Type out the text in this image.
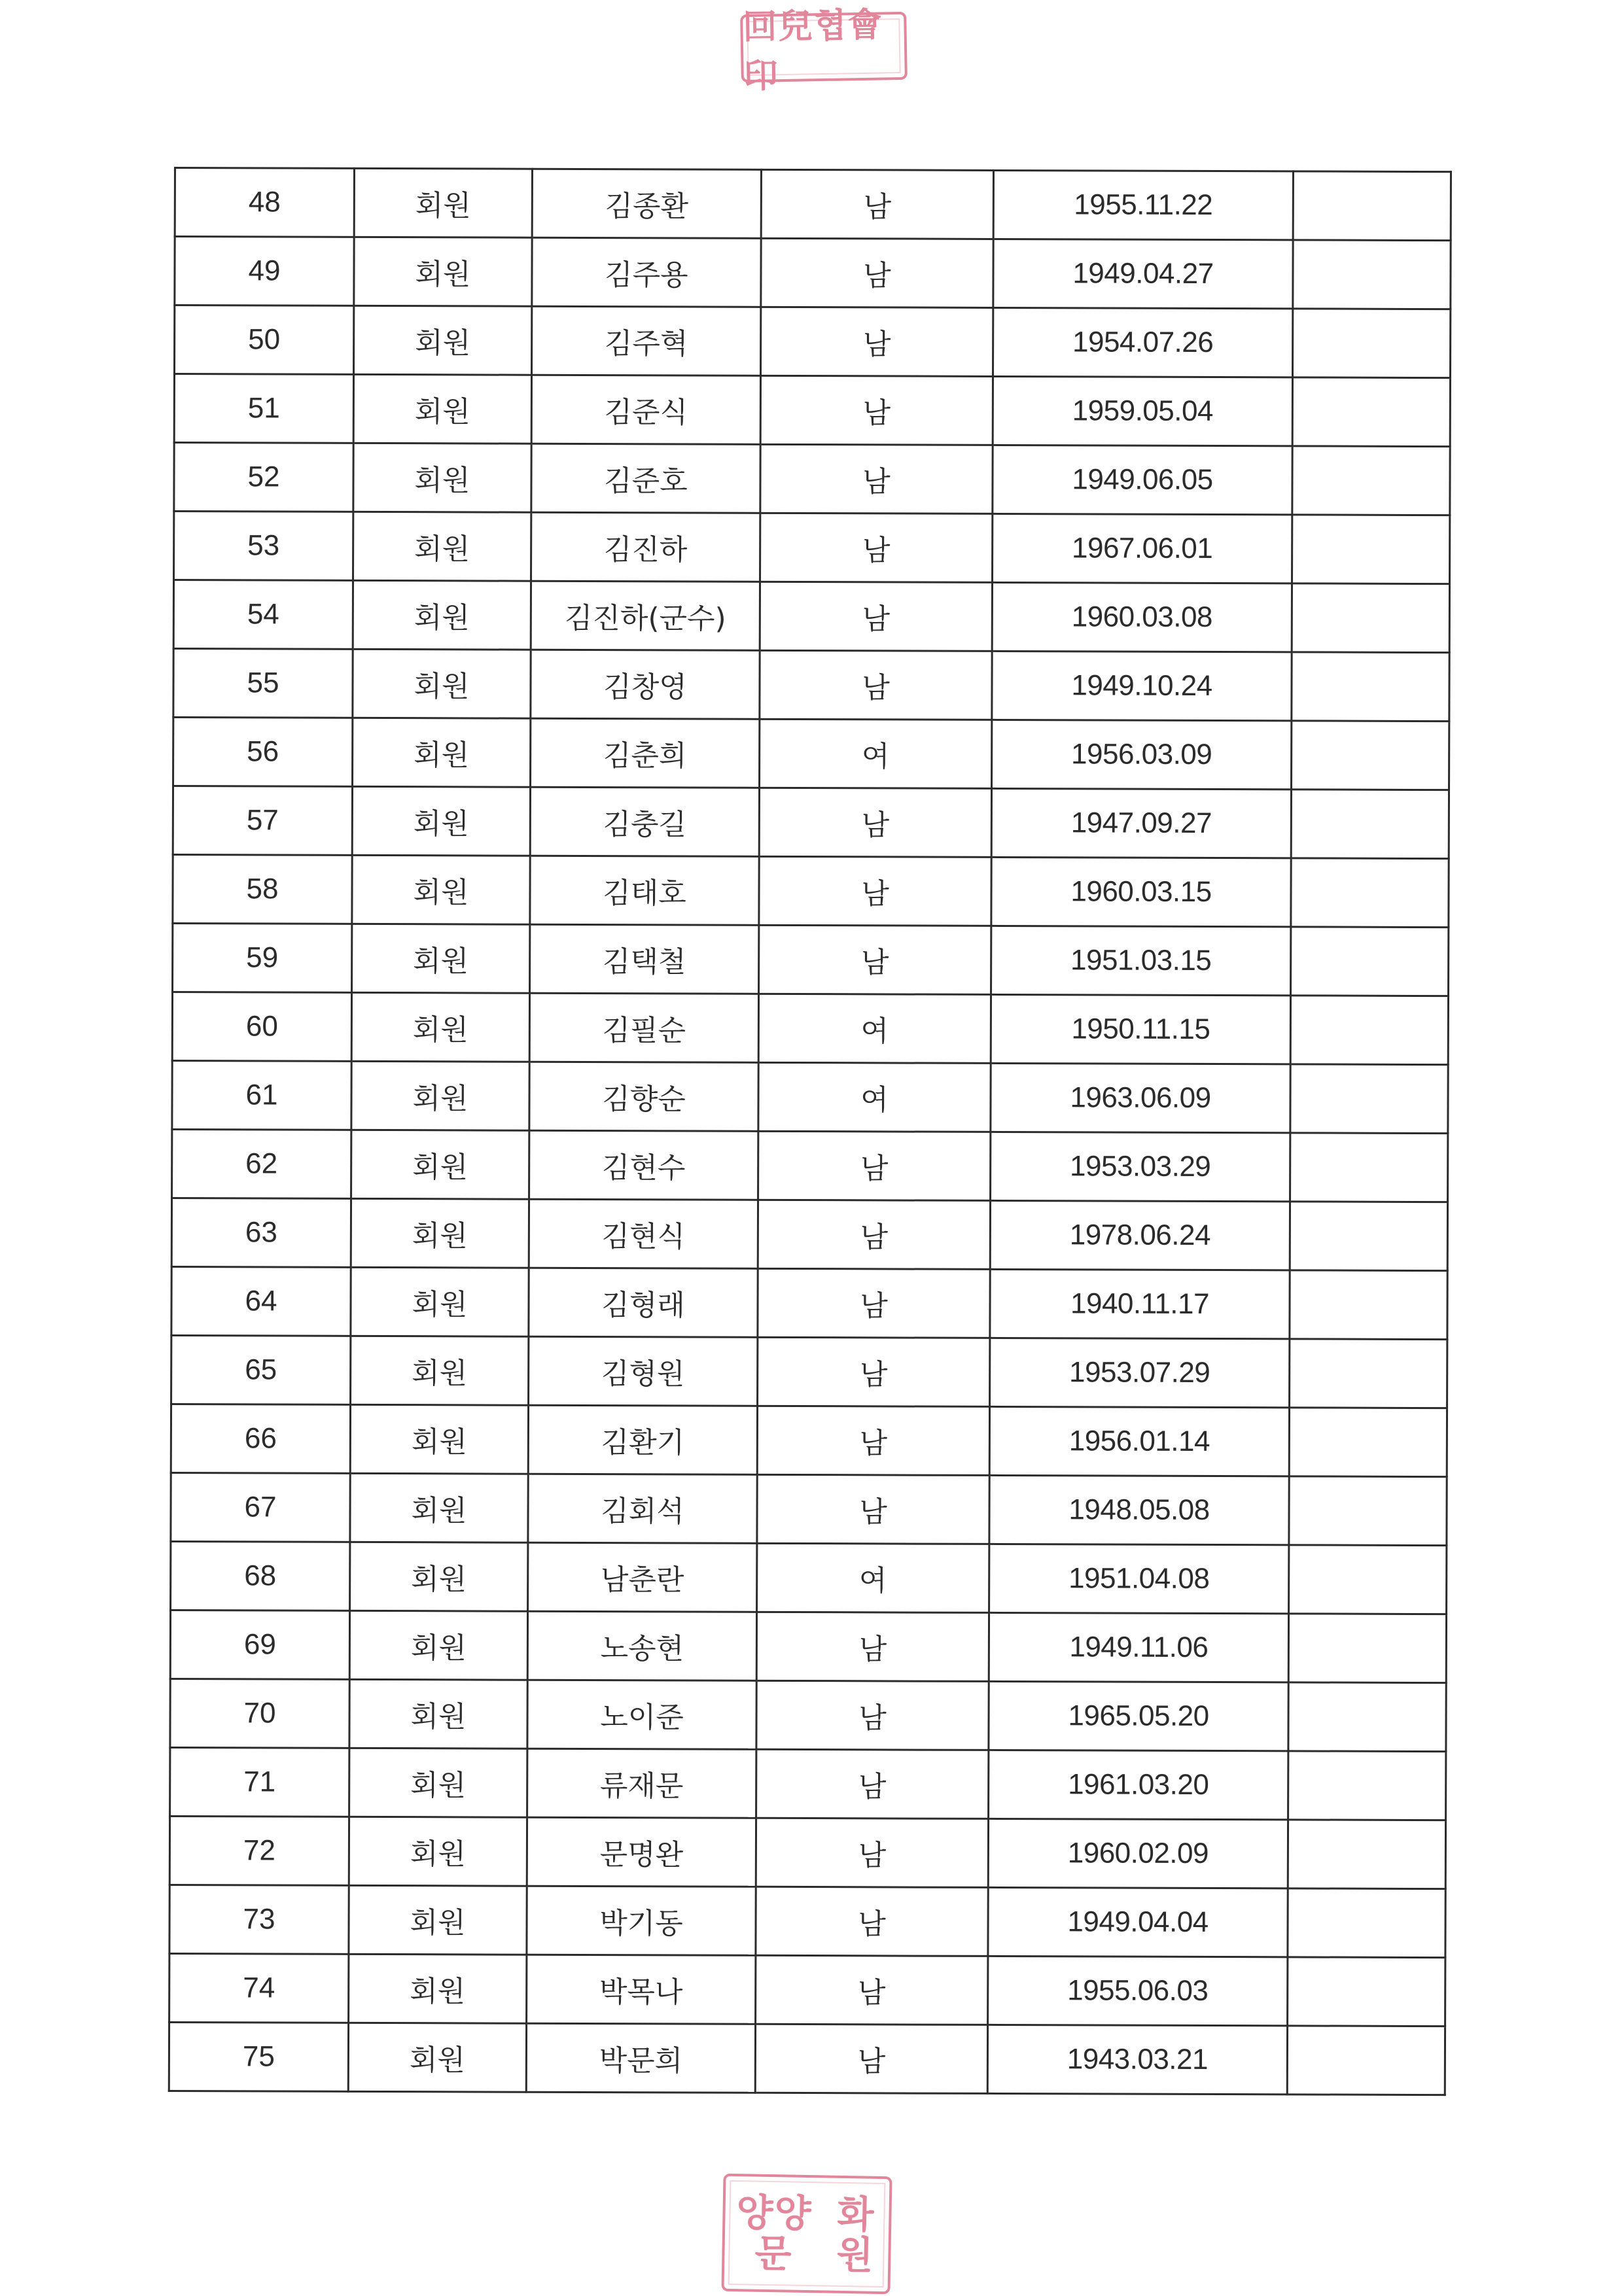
回兒협會印
48	회원	김종환	남	1955.11.22	
49	회원	김주용	남	1949.04.27	
50	회원	김주혁	남	1954.07.26	
51	회원	김준식	남	1959.05.04	
52	회원	김준호	남	1949.06.05	
53	회원	김진하	남	1967.06.01	
54	회원	김진하(군수)	남	1960.03.08	
55	회원	김창영	남	1949.10.24	
56	회원	김춘희	여	1956.03.09	
57	회원	김충길	남	1947.09.27	
58	회원	김태호	남	1960.03.15	
59	회원	김택철	남	1951.03.15	
60	회원	김필순	여	1950.11.15	
61	회원	김향순	여	1963.06.09	
62	회원	김현수	남	1953.03.29	
63	회원	김현식	남	1978.06.24	
64	회원	김형래	남	1940.11.17	
65	회원	김형원	남	1953.07.29	
66	회원	김환기	남	1956.01.14	
67	회원	김회석	남	1948.05.08	
68	회원	남춘란	여	1951.04.08	
69	회원	노송현	남	1949.11.06	
70	회원	노이준	남	1965.05.20	
71	회원	류재문	남	1961.03.20	
72	회원	문명완	남	1960.02.09	
73	회원	박기동	남	1949.04.04	
74	회원	박목나	남	1955.06.03	
75	회원	박문희	남	1943.03.21	
양양문
화원
